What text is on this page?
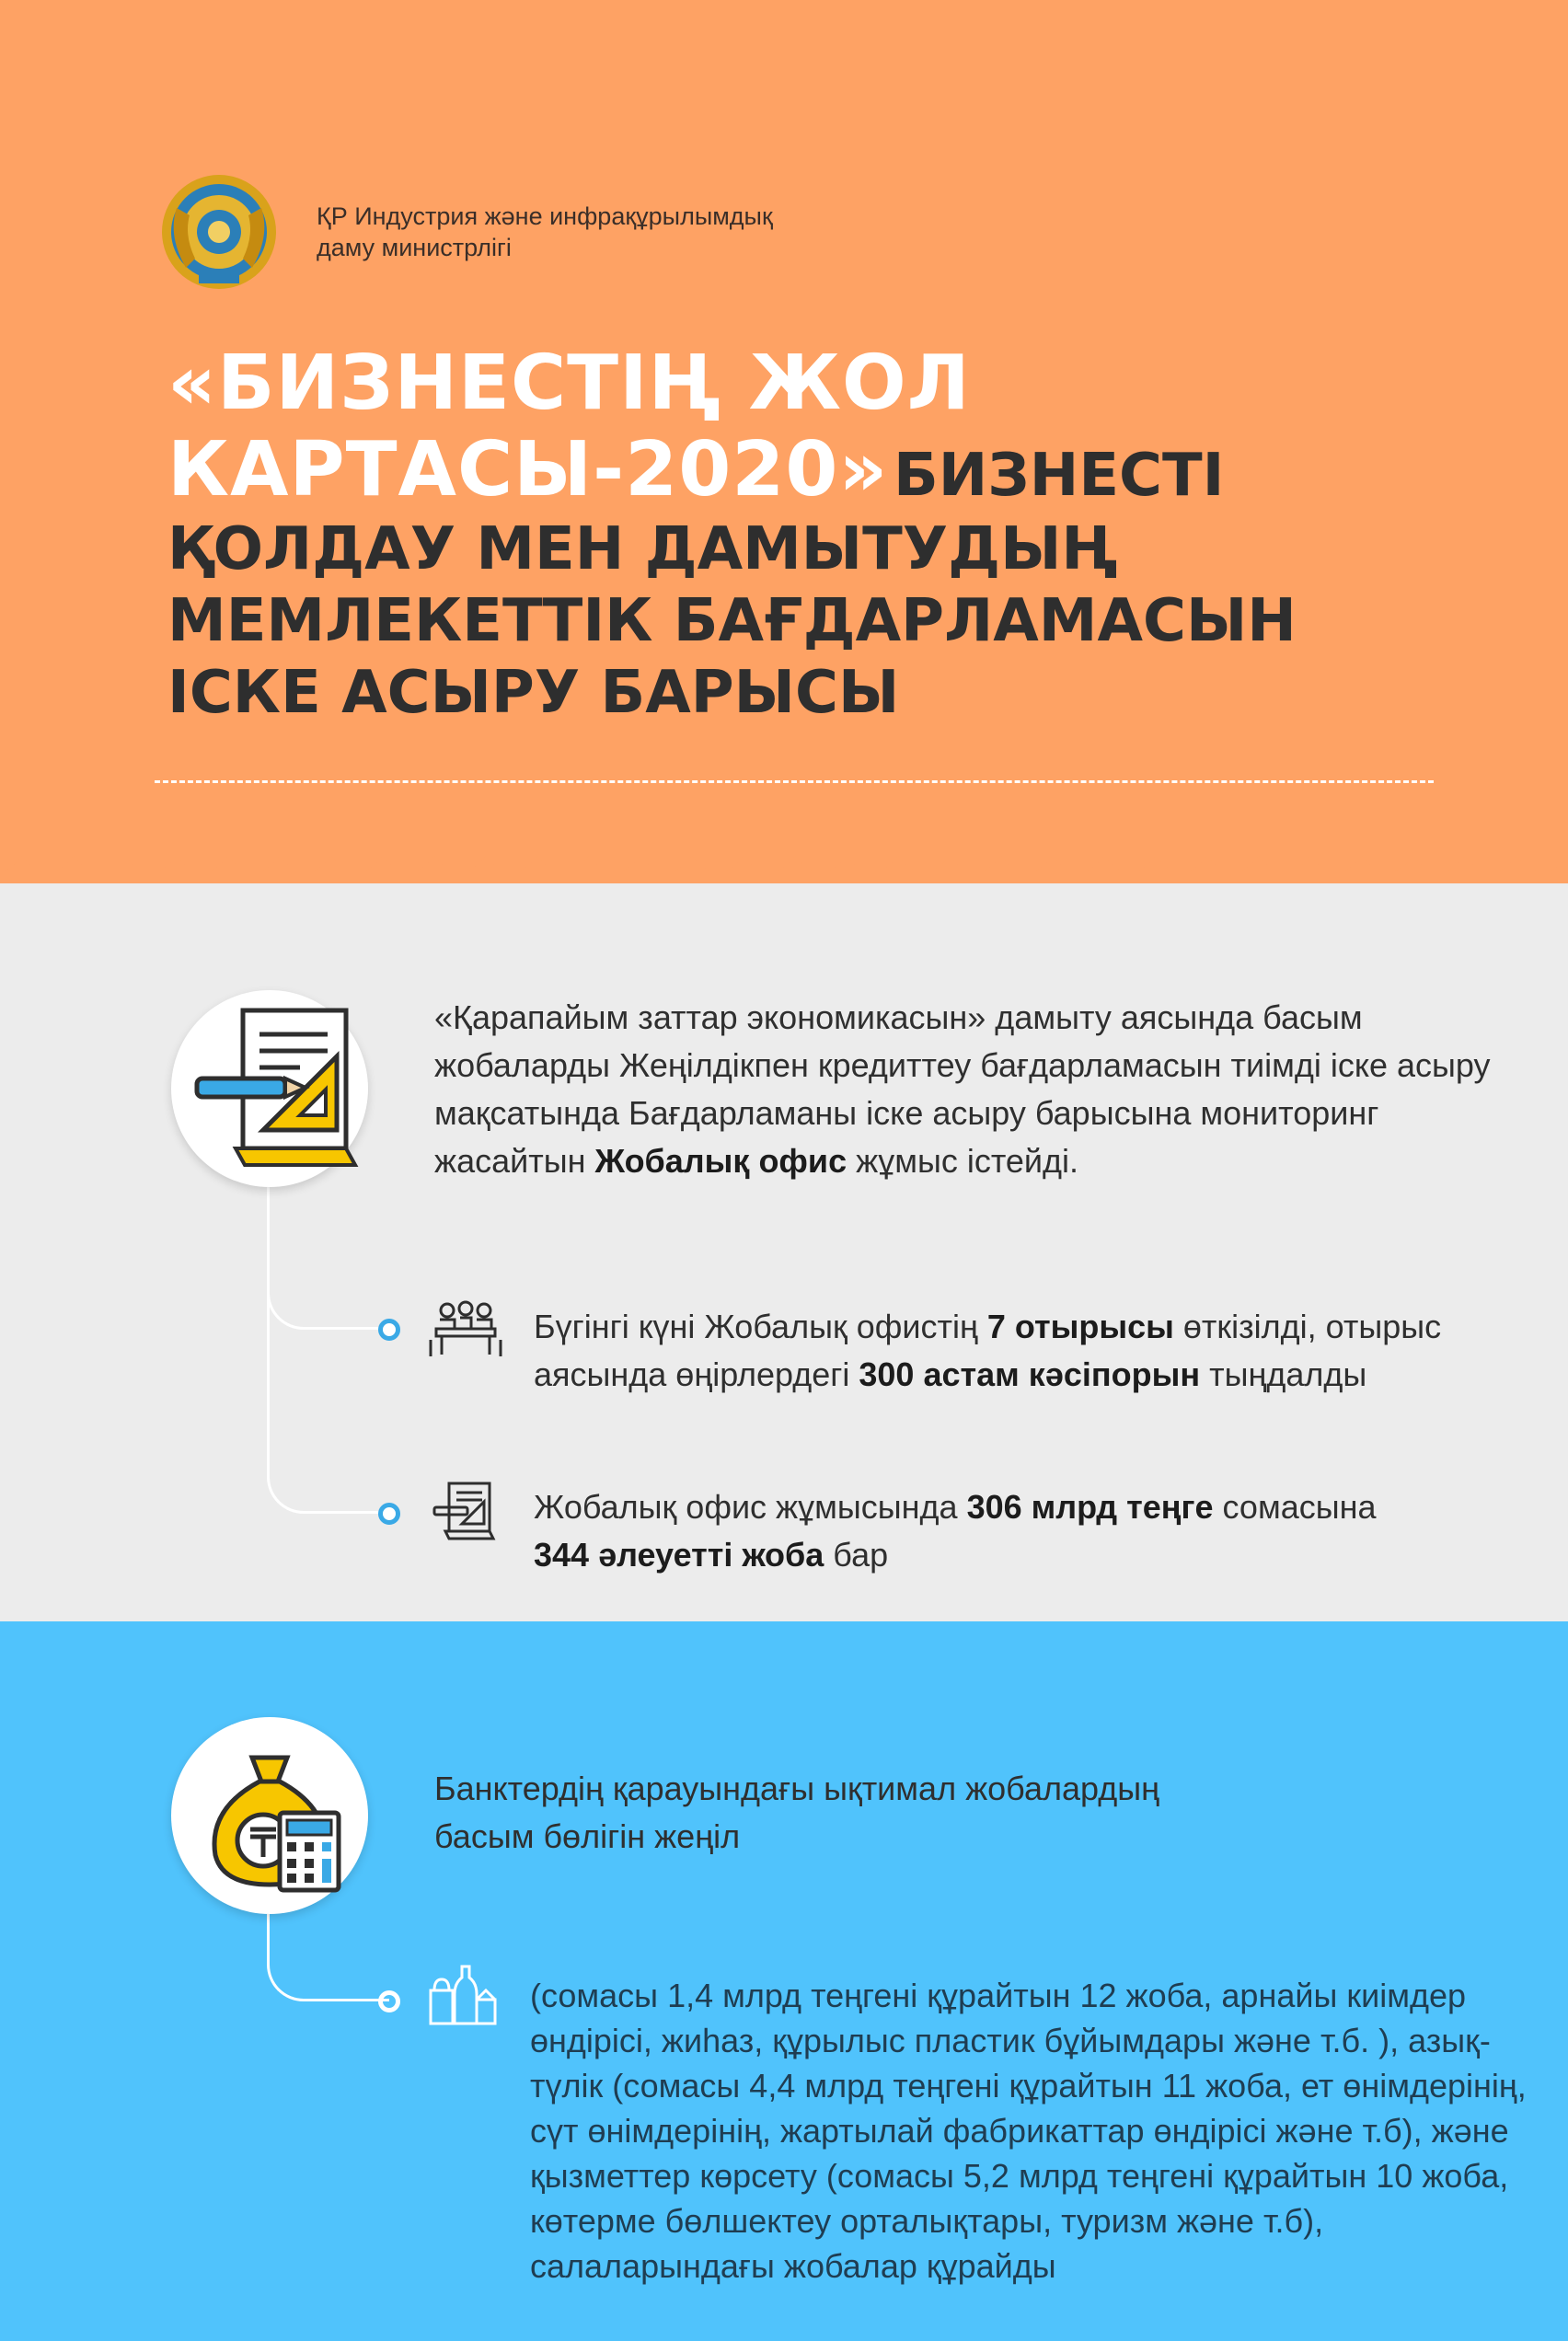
ҚР Индустрия және инфрақұрылымдық
даму министрлігі
«БИЗНЕСТІҢ ЖОЛ
КАРТАСЫ-2020» БИЗНЕСТІ
ҚОЛДАУ МЕН ДАМЫТУДЫҢ
МЕМЛЕКЕТТІК БАҒДАРЛАМАСЫН
ІСКЕ АСЫРУ БАРЫСЫ
«Қарапайым заттар экономикасын» дамыту аясында басым жобаларды Жеңілдікпен кредиттеу бағдарламасын тиімді іске асыру мақсатында Бағдарламаны іске асыру барысына мониторинг жасайтын Жобалық офис жұмыс істейді.
Бүгінгі күні Жобалық офистің 7 отырысы өткізілді, отырыс аясында өңірлердегі 300 астам кәсіпорын тыңдалды
Жобалық офис жұмысында 306 млрд теңге сомасына
344 әлеуетті жоба бар
Банктердің қарауындағы ықтимал жобалардың басым бөлігін жеңіл
(сомасы 1,4 млрд теңгені құрайтын 12 жоба, арнайы киімдер өндірісі, жиһаз, құрылыс пластик бұйымдары және т.б. ), азық-түлік (сомасы 4,4 млрд теңгені құрайтын 11 жоба, ет өнімдерінің, сүт өнімдерінің, жартылай фабрикаттар өндірісі және т.б), және қызметтер көрсету (сомасы 5,2 млрд теңгені құрайтын 10 жоба, көтерме бөлшектеу орталықтары, туризм және т.б), салаларындағы жобалар құрайды
